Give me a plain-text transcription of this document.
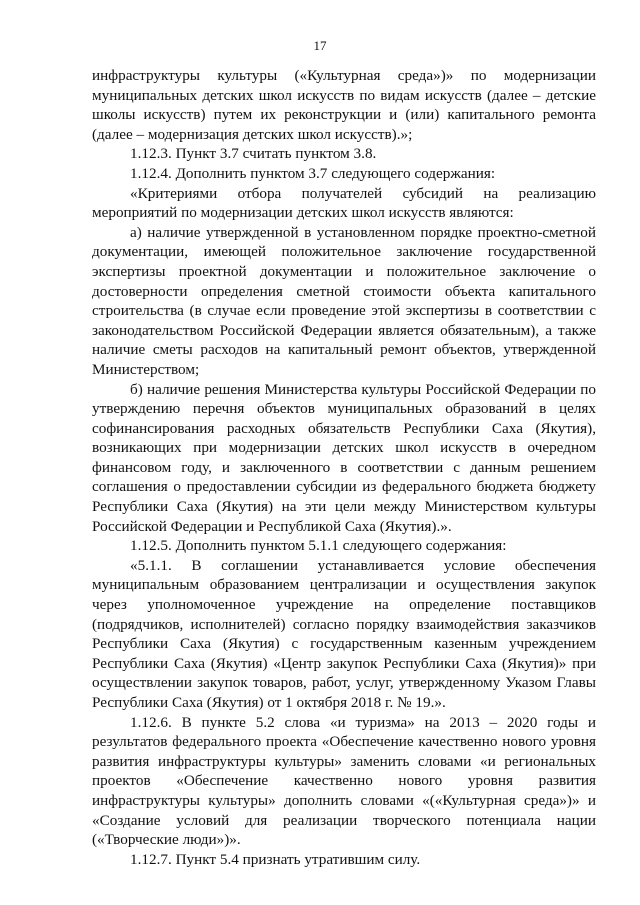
17

инфраструктуры культуры («Культурная среда»)» по модернизации муниципальных детских школ искусств по видам искусств (далее – детские школы искусств) путем их реконструкции и (или) капитального ремонта (далее – модернизация детских школ искусств).»;

1.12.3. Пункт 3.7 считать пунктом 3.8.

1.12.4. Дополнить пунктом 3.7 следующего содержания:

«Критериями отбора получателей субсидий на реализацию мероприятий по модернизации детских школ искусств являются:

а) наличие утвержденной в установленном порядке проектно-сметной документации, имеющей положительное заключение государственной экспертизы проектной документации и положительное заключение о достоверности определения сметной стоимости объекта капитального строительства (в случае если проведение этой экспертизы в соответствии с законодательством Российской Федерации является обязательным), а также наличие сметы расходов на капитальный ремонт объектов, утвержденной Министерством;

б) наличие решения Министерства культуры Российской Федерации по утверждению перечня объектов муниципальных образований в целях софинансирования расходных обязательств Республики Саха (Якутия), возникающих при модернизации детских школ искусств в очередном финансовом году, и заключенного в соответствии с данным решением соглашения о предоставлении субсидии из федерального бюджета бюджету Республики Саха (Якутия) на эти цели между Министерством культуры Российской Федерации и Республикой Саха (Якутия).».

1.12.5. Дополнить пунктом 5.1.1 следующего содержания:

«5.1.1. В соглашении устанавливается условие обеспечения муниципальным образованием централизации и осуществления закупок через уполномоченное учреждение на определение поставщиков (подрядчиков, исполнителей) согласно порядку взаимодействия заказчиков Республики Саха (Якутия) с государственным казенным учреждением Республики Саха (Якутия) «Центр закупок Республики Саха (Якутия)» при осуществлении закупок товаров, работ, услуг, утвержденному Указом Главы Республики Саха (Якутия) от 1 октября 2018 г. № 19.».

1.12.6. В пункте 5.2 слова «и туризма» на 2013 – 2020 годы и результатов федерального проекта «Обеспечение качественно нового уровня развития инфраструктуры культуры» заменить словами «и региональных проектов «Обеспечение качественно нового уровня развития инфраструктуры культуры» дополнить словами «(«Культурная среда»)» и «Создание условий для реализации творческого потенциала нации («Творческие люди»)».

1.12.7. Пункт 5.4 признать утратившим силу.
